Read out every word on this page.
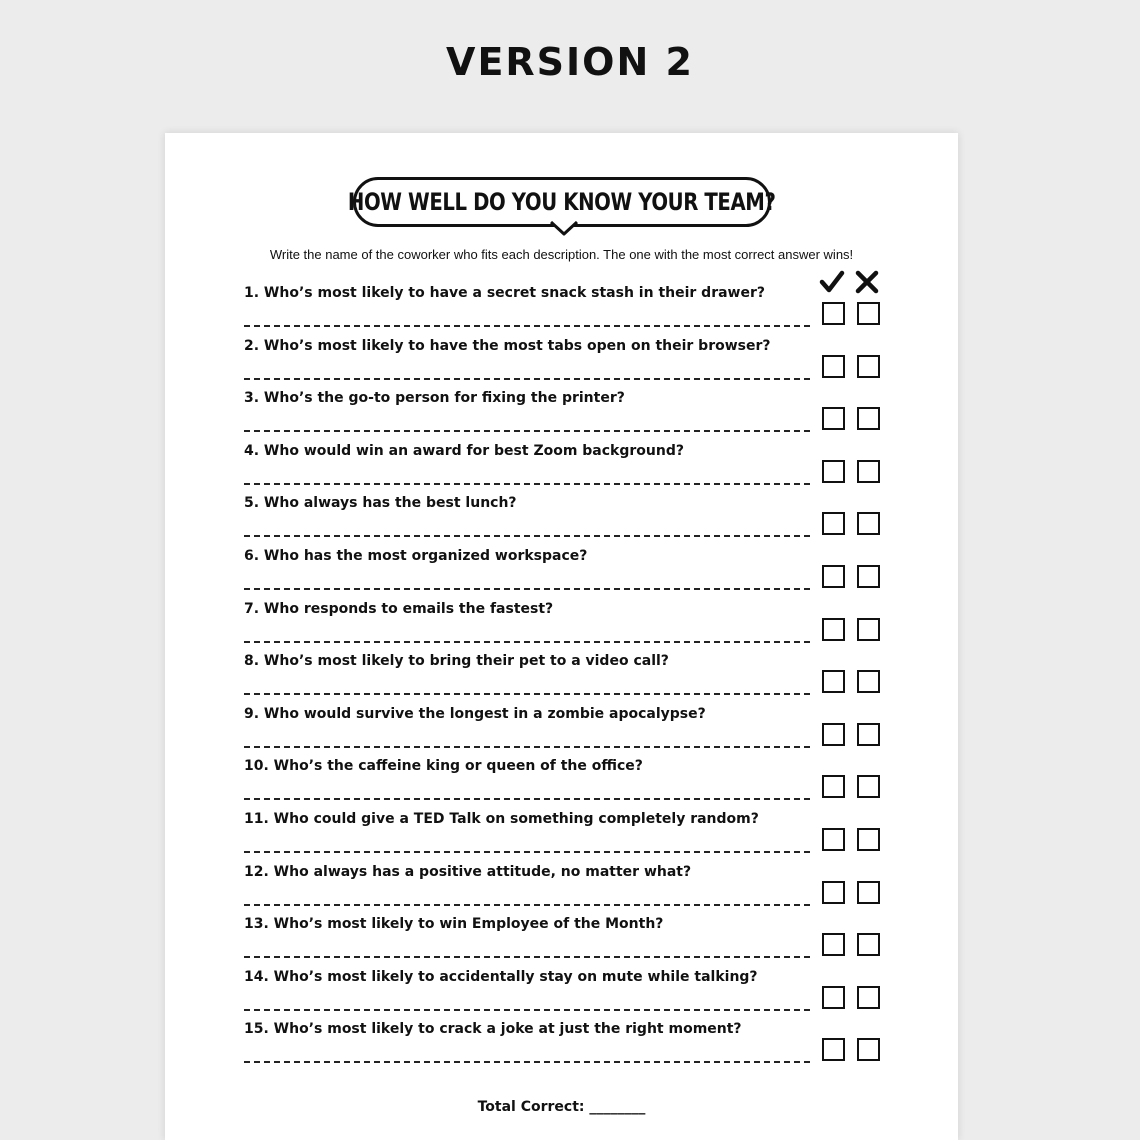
VERSION 2
HOW WELL DO YOU KNOW YOUR TEAM?
Write the name of the coworker who fits each description. The one with the most correct answer wins!
1. Who’s most likely to have a secret snack stash in their drawer?
2. Who’s most likely to have the most tabs open on their browser?
3. Who’s the go-to person for fixing the printer?
4. Who would win an award for best Zoom background?
5. Who always has the best lunch?
6. Who has the most organized workspace?
7. Who responds to emails the fastest?
8. Who’s most likely to bring their pet to a video call?
9. Who would survive the longest in a zombie apocalypse?
10. Who’s the caffeine king or queen of the office?
11. Who could give a TED Talk on something completely random?
12. Who always has a positive attitude, no matter what?
13. Who’s most likely to win Employee of the Month?
14. Who’s most likely to accidentally stay on mute while talking?
15. Who’s most likely to crack a joke at just the right moment?
Total Correct: ________
